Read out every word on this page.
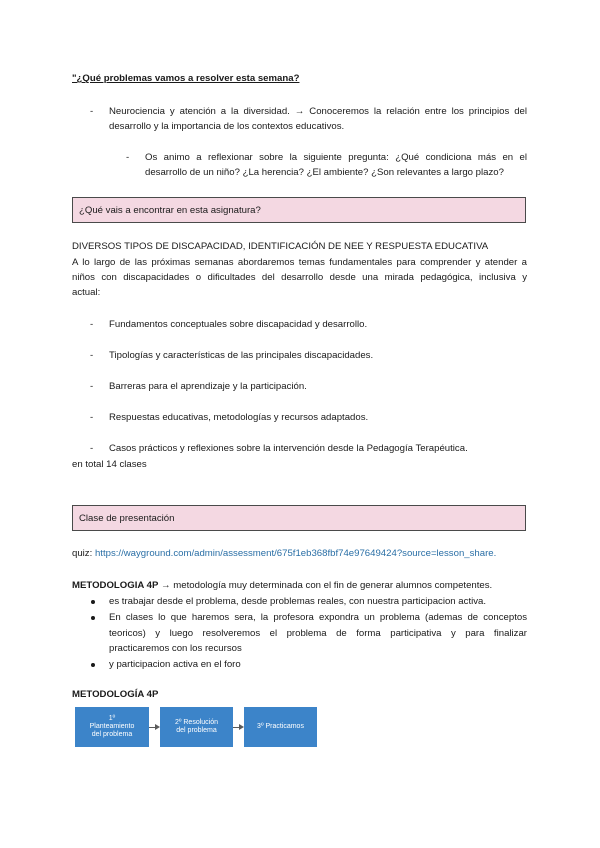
"¿Qué problemas vamos a resolver esta semana?
- Neurociencia y atención a la diversidad. → Conoceremos la relación entre los principios del
desarrollo y la importancia de los contextos educativos.
- Os animo a reflexionar sobre la siguiente pregunta: ¿Qué condiciona más en el
desarrollo de un niño? ¿La herencia? ¿El ambiente? ¿Son relevantes a largo plazo?
¿Qué vais a encontrar en esta asignatura?
DIVERSOS TIPOS DE DISCAPACIDAD, IDENTIFICACIÓN DE NEE Y RESPUESTA EDUCATIVA
A lo largo de las próximas semanas abordaremos temas fundamentales para comprender y atender a
niños con discapacidades o dificultades del desarrollo desde una mirada pedagógica, inclusiva y
actual:
- Fundamentos conceptuales sobre discapacidad y desarrollo.
- Tipologías y características de las principales discapacidades.
- Barreras para el aprendizaje y la participación.
- Respuestas educativas, metodologías y recursos adaptados.
- Casos prácticos y reflexiones sobre la intervención desde la Pedagogía Terapéutica.
en total 14 clases
Clase de presentación
quiz: https://wayground.com/admin/assessment/675f1eb368fbf74e97649424?source=lesson_share.
METODOLOGIA 4P → metodología muy determinada con el fin de generar alumnos competentes.
es trabajar desde el problema, desde problemas reales, con nuestra participacion activa.
En clases lo que haremos sera, la profesora expondra un problema (ademas de conceptos
teoricos) y luego resolveremos el problema de forma participativa y para finalizar
practicaremos con los recursos
y participacion activa en el foro
METODOLOGÍA 4P
1º
Planteamiento
del problema
2º Resolución
del problema
3º Practicamos
